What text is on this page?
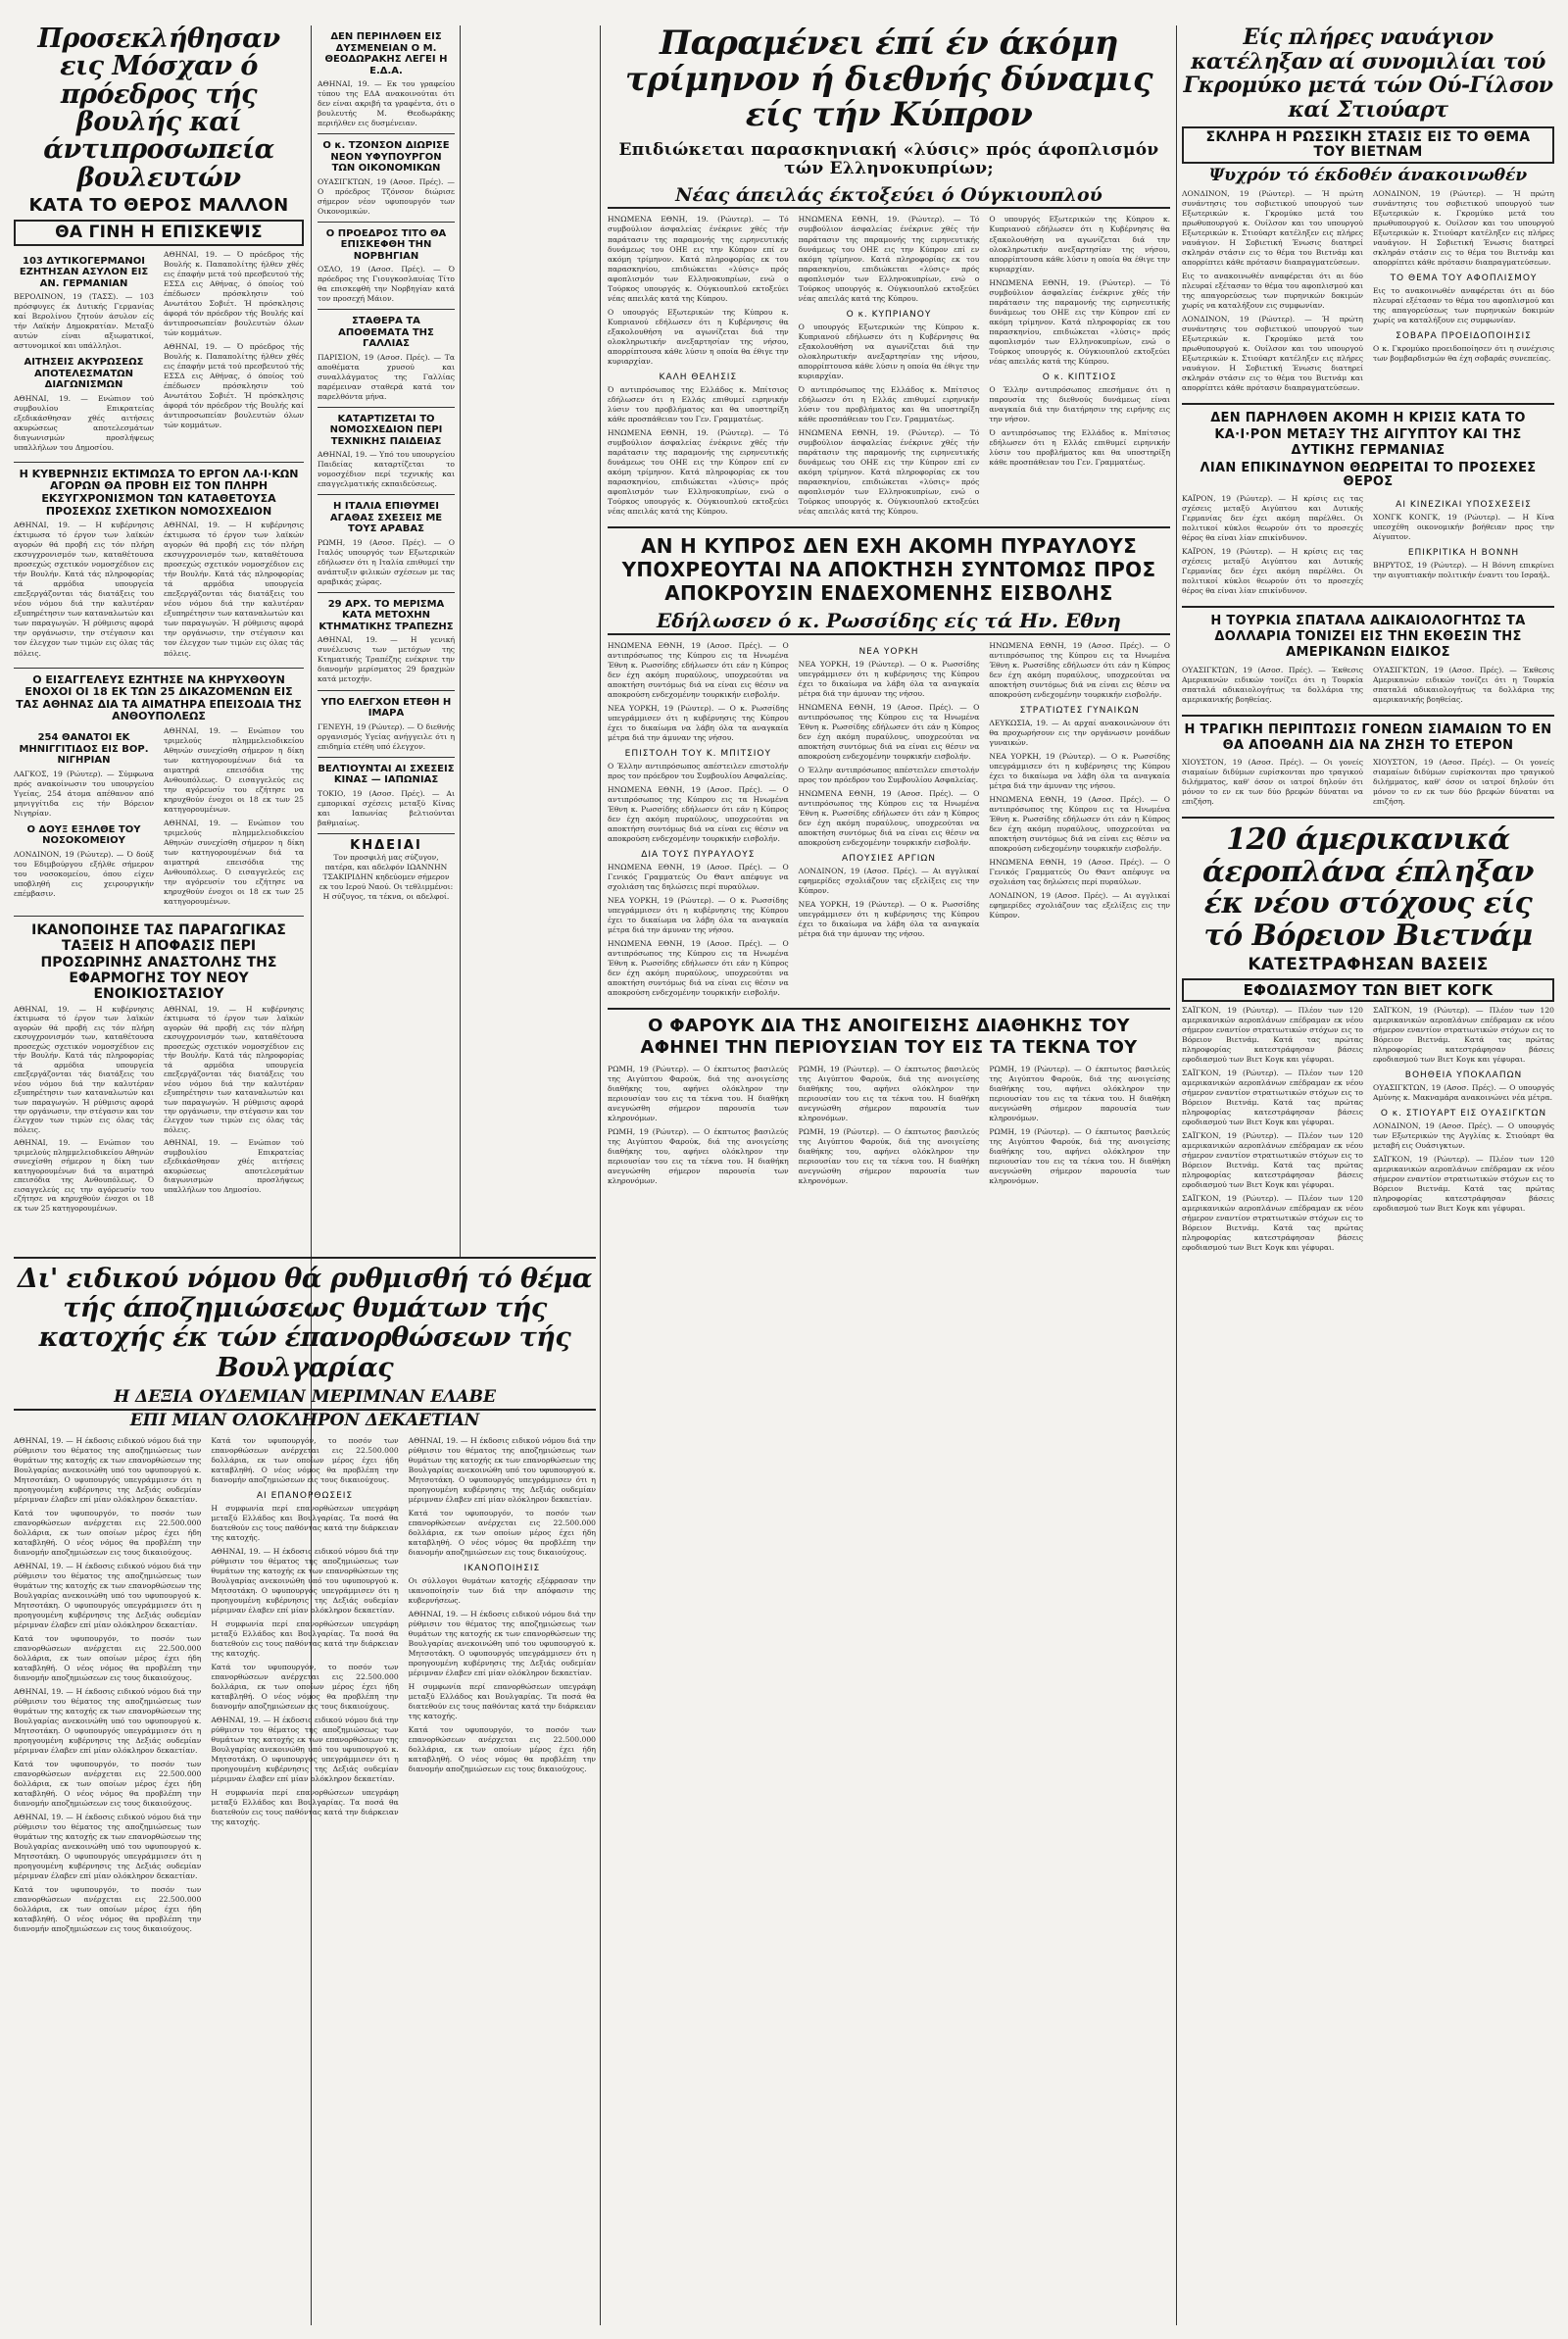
Προσεκλήθησαν εις Μόσχαν ό πρόεδρος τής βουλής καί άντιπροσωπεία βουλευτών
ΚΑΤΑ ΤΟ ΘΕΡΟΣ ΜΑΛΛΟΝ
ΘΑ ΓΙΝΗ Η ΕΠΙΣΚΕΨΙΣ
103 ΔΥΤΙΚΟΓΕΡΜΑΝΟΙ ΕΖΗΤΗΣΑΝ ΑΣΥΛΟΝ ΕΙΣ ΑΝ. ΓΕΡΜΑΝΙΑΝ

ΒΕΡΟΛΙΝΟΝ, 19 (ΤΑΣΣ). — 103 πρόσφυγες έκ Δυτικής Γερμανίας καί Βερολίνου ζητούν άσυλον είς τήν Λαϊκήν Δημοκρατίαν. Μεταξύ αυτών είναι αξιωματικοί, αστυνομικοί και υπάλληλοι.

ΑΙΤΗΣΕΙΣ ΑΚΥΡΩΣΕΩΣ ΑΠΟΤΕΛΕΣΜΑΤΩΝ ΔΙΑΓΩΝΙΣΜΩΝ

ΑΘΗΝΑΙ, 19. — Ενώπιον τού συμβουλίου Επικρατείας εξεδικάσθησαν χθές αιτήσεις ακυρώσεως αποτελεσμάτων διαγωνισμών προσλήψεως υπαλλήλων του Δημοσίου.

ΑΘΗΝΑΙ, 19. — Ό πρόεδρος τής Βουλής κ. Παπαπολίτης ήλθεν χθές εις έπαφήν μετά τού πρεσβευτού τής ΕΣΣΔ εις Αθήνας, ό όποίος τού έπέδωσεν πρόσκλησιν τού Ανωτάτου Σοβιέτ. Ή πρόσκλησις άφορά τόν πρόεδρον τής Βουλής καί άντιπροσωπείαν βουλευτών όλων τών κομμάτων.

ΑΘΗΝΑΙ, 19. — Ό πρόεδρος τής Βουλής κ. Παπαπολίτης ήλθεν χθές εις έπαφήν μετά τού πρεσβευτού τής ΕΣΣΔ εις Αθήνας, ό όποίος τού έπέδωσεν πρόσκλησιν τού Ανωτάτου Σοβιέτ. Ή πρόσκλησις άφορά τόν πρόεδρον τής Βουλής καί άντιπροσωπείαν βουλευτών όλων τών κομμάτων.

Η ΚΥΒΕΡΝΗΣΙΣ ΕΚΤΙΜΩΣΑ ΤΟ ΕΡΓΟΝ ΛΑ·Ι·ΚΩΝ ΑΓΟΡΩΝ ΘΑ ΠΡΟΒΗ ΕΙΣ ΤΟΝ ΠΛΗΡΗ ΕΚΣΥΓΧΡΟΝΙΣΜΟΝ ΤΩΝ ΚΑΤΑΘΕΤΟΥΣΑ ΠΡΟΣΕΧΩΣ ΣΧΕΤΙΚΟΝ ΝΟΜΟΣΧΕΔΙΟΝ

ΑΘΗΝΑΙ, 19. — Η κυβέρνησις έκτιμωσα τό έργον των λαϊκών αγορών θά προβή εις τόν πλήρη εκσυγχρονισμόν των, καταθέτουσα προσεχώς σχετικόν νομοσχέδιον εις τήν Βουλήν. Κατά τάς πληροφορίας τά αρμόδια υπουργεία επεξεργάζονται τάς διατάξεις του νέου νόμου διά την καλυτέραν εξυπηρέτησιν των καταναλωτών και των παραγωγών. Ή ρύθμισις αφορά την οργάνωσιν, την στέγασιν και τον έλεγχον των τιμών εις όλας τάς πόλεις.

ΑΘΗΝΑΙ, 19. — Η κυβέρνησις έκτιμωσα τό έργον των λαϊκών αγορών θά προβή εις τόν πλήρη εκσυγχρονισμόν των, καταθέτουσα προσεχώς σχετικόν νομοσχέδιον εις τήν Βουλήν. Κατά τάς πληροφορίας τά αρμόδια υπουργεία επεξεργάζονται τάς διατάξεις του νέου νόμου διά την καλυτέραν εξυπηρέτησιν των καταναλωτών και των παραγωγών. Ή ρύθμισις αφορά την οργάνωσιν, την στέγασιν και τον έλεγχον των τιμών εις όλας τάς πόλεις.

Ο ΕΙΣΑΓΓΕΛΕΥΣ ΕΖΗΤΗΣΕ ΝΑ ΚΗΡΥΧΘΟΥΝ ΕΝΟΧΟΙ ΟΙ 18 ΕΚ ΤΩΝ 25 ΔΙΚΑΖΟΜΕΝΩΝ ΕΙΣ ΤΑΣ ΑΘΗΝΑΣ ΔΙΑ ΤΑ ΑΙΜΑΤΗΡΑ ΕΠΕΙΣΟΔΙΑ ΤΗΣ ΑΝΘΟΥΠΟΛΕΩΣ
254 ΘΑΝΑΤΟΙ ΕΚ ΜΗΝΙΓΓΙΤΙΔΟΣ ΕΙΣ ΒΟΡ. ΝΙΓΗΡΙΑΝ

ΛΑΓΚΟΣ, 19 (Ρώυτερ). — Σύμφωνα πρός ανακοίνωσιν του υπουργείου Υγείας, 254 άτομα απέθανον από μηνιγγίτιδα εις τήν Βόρειον Νιγηρίαν.

Ο ΔΟΥΞ ΕΞΗΛΘΕ ΤΟΥ ΝΟΣΟΚΟΜΕΙΟΥ

ΛΟΝΔΙΝΟΝ, 19 (Ρώυτερ). — Ό δούξ του Εδιμβούργου εξήλθε σήμερον του νοσοκομείου, όπου είχεν υποβληθή εις χειρουργικήν επέμβασιν.

ΑΘΗΝΑΙ, 19. — Ενώπιον του τριμελούς πλημμελειοδικείου Αθηνών συνεχίσθη σήμερον η δίκη των κατηγορουμένων διά τα αιματηρά επεισόδια της Ανθουπόλεως. Ό εισαγγελεύς εις την αγόρευσίν του εζήτησε να κηρυχθούν ένοχοι οι 18 εκ των 25 κατηγορουμένων.

ΑΘΗΝΑΙ, 19. — Ενώπιον του τριμελούς πλημμελειοδικείου Αθηνών συνεχίσθη σήμερον η δίκη των κατηγορουμένων διά τα αιματηρά επεισόδια της Ανθουπόλεως. Ό εισαγγελεύς εις την αγόρευσίν του εζήτησε να κηρυχθούν ένοχοι οι 18 εκ των 25 κατηγορουμένων.

ΙΚΑΝΟΠΟΙΗΣΕ ΤΑΣ ΠΑΡΑΓΩΓΙΚΑΣ ΤΑΞΕΙΣ Η ΑΠΟΦΑΣΙΣ ΠΕΡΙ ΠΡΟΣΩΡΙΝΗΣ ΑΝΑΣΤΟΛΗΣ ΤΗΣ ΕΦΑΡΜΟΓΗΣ ΤΟΥ ΝΕΟΥ ΕΝΟΙΚΙΟΣΤΑΣΙΟΥ

ΑΘΗΝΑΙ, 19. — Η κυβέρνησις έκτιμωσα τό έργον των λαϊκών αγορών θά προβή εις τόν πλήρη εκσυγχρονισμόν των, καταθέτουσα προσεχώς σχετικόν νομοσχέδιον εις τήν Βουλήν. Κατά τάς πληροφορίας τά αρμόδια υπουργεία επεξεργάζονται τάς διατάξεις του νέου νόμου διά την καλυτέραν εξυπηρέτησιν των καταναλωτών και των παραγωγών. Ή ρύθμισις αφορά την οργάνωσιν, την στέγασιν και τον έλεγχον των τιμών εις όλας τάς πόλεις.

ΑΘΗΝΑΙ, 19. — Ενώπιον του τριμελούς πλημμελειοδικείου Αθηνών συνεχίσθη σήμερον η δίκη των κατηγορουμένων διά τα αιματηρά επεισόδια της Ανθουπόλεως. Ό εισαγγελεύς εις την αγόρευσίν του εζήτησε να κηρυχθούν ένοχοι οι 18 εκ των 25 κατηγορουμένων.

ΑΘΗΝΑΙ, 19. — Η κυβέρνησις έκτιμωσα τό έργον των λαϊκών αγορών θά προβή εις τόν πλήρη εκσυγχρονισμόν των, καταθέτουσα προσεχώς σχετικόν νομοσχέδιον εις τήν Βουλήν. Κατά τάς πληροφορίας τά αρμόδια υπουργεία επεξεργάζονται τάς διατάξεις του νέου νόμου διά την καλυτέραν εξυπηρέτησιν των καταναλωτών και των παραγωγών. Ή ρύθμισις αφορά την οργάνωσιν, την στέγασιν και τον έλεγχον των τιμών εις όλας τάς πόλεις.

ΑΘΗΝΑΙ, 19. — Ενώπιον τού συμβουλίου Επικρατείας εξεδικάσθησαν χθές αιτήσεις ακυρώσεως αποτελεσμάτων διαγωνισμών προσλήψεως υπαλλήλων του Δημοσίου.

ΔΕΝ ΠΕΡΙΗΛΘΕΝ ΕΙΣ ΔΥΣΜΕΝΕΙΑΝ Ο Μ. ΘΕΟΔΩΡΑΚΗΣ ΛΕΓΕΙ Η Ε.Δ.Α.

ΑΘΗΝΑΙ, 19. — Εκ του γραφείου τύπου της ΕΔΑ ανακοινούται ότι δεν είναι ακριβή τα γραφέντα, ότι ο βουλευτής Μ. Θεοδωράκης περιήλθεν εις δυσμένειαν.

Ο κ. ΤΖΟΝΣΟΝ ΔΙΩΡΙΣΕ ΝΕΟΝ ΥΦΥΠΟΥΡΓΟΝ ΤΩΝ ΟΙΚΟΝΟΜΙΚΩΝ

ΟΥΑΣΙΓΚΤΩΝ, 19 (Ασοσ. Πρές). — Ο πρόεδρος Τζόνσον διώρισε σήμερον νέον υφυπουργόν των Οικονομικών.

Ο ΠΡΟΕΔΡΟΣ ΤΙΤΟ ΘΑ ΕΠΙΣΚΕΦΘΗ ΤΗΝ ΝΟΡΒΗΓΙΑΝ

ΟΣΛΟ, 19 (Ασοσ. Πρές). — Ό πρόεδρος της Γιουγκοσλαυίας Τίτο θα επισκεφθή την Νορβηγίαν κατά τον προσεχή Μάιον.

ΣΤΑΘΕΡΑ ΤΑ ΑΠΟΘΕΜΑΤΑ ΤΗΣ ΓΑΛΛΙΑΣ

ΠΑΡΙΣΙΟΝ, 19 (Ασοσ. Πρές). — Τα αποθέματα χρυσού και συναλλάγματος της Γαλλίας παρέμειναν σταθερά κατά τον παρελθόντα μήνα.

ΚΑΤΑΡΤΙΖΕΤΑΙ ΤΟ ΝΟΜΟΣΧΕΔΙΟΝ ΠΕΡΙ ΤΕΧΝΙΚΗΣ ΠΑΙΔΕΙΑΣ

ΑΘΗΝΑΙ, 19. — Υπό του υπουργείου Παιδείας καταρτίζεται το νομοσχέδιον περί τεχνικής και επαγγελματικής εκπαιδεύσεως.

Η ΙΤΑΛΙΑ ΕΠΙΘΥΜΕΙ ΑΓΑΘΑΣ ΣΧΕΣΕΙΣ ΜΕ ΤΟΥΣ ΑΡΑΒΑΣ

ΡΩΜΗ, 19 (Ασοσ. Πρές). — Ο Ιταλός υπουργός των Εξωτερικών εδήλωσεν ότι η Ιταλία επιθυμεί την ανάπτυξιν φιλικών σχέσεων με τας αραβικάς χώρας.

29 ΑΡΧ. ΤΟ ΜΕΡΙΣΜΑ ΚΑΤΑ ΜΕΤΟΧΗΝ ΚΤΗΜΑΤΙΚΗΣ ΤΡΑΠΕΖΗΣ

ΑΘΗΝΑΙ, 19. — Η γενική συνέλευσις των μετόχων της Κτηματικής Τραπέζης ενέκρινε την διανομήν μερίσματος 29 δραχμών κατά μετοχήν.

ΥΠΟ ΕΛΕΓΧΟΝ ΕΤΕΘΗ Η ΙΜΑΡΑ

ΓΕΝΕΥΗ, 19 (Ρώυτερ). — Ό διεθνής οργανισμός Υγείας ανήγγειλε ότι η επιδημία ετέθη υπό έλεγχον.

ΒΕΛΤΙΟΥΝΤΑΙ ΑΙ ΣΧΕΣΕΙΣ ΚΙΝΑΣ — ΙΑΠΩΝΙΑΣ

ΤΟΚΙΟ, 19 (Ασοσ. Πρές). — Αι εμπορικαί σχέσεις μεταξύ Κίνας και Ιαπωνίας βελτιούνται βαθμιαίως.

ΚΗΔΕΙΑΙ

Τον προσφιλή μας σύζυγον, πατέρα, και αδελφόν ΙΩΑΝΝΗΝ ΤΣΑΚΙΡΙΔΗΝ κηδεύομεν σήμερον εκ του Ιερού Ναού. Οι τεθλιμμένοι: Η σύζυγος, τα τέκνα, οι αδελφοί.

Δι' ειδικού νόμου θά ρυθμισθή τό θέμα τής άποζημιώσεως θυμάτων τής κατοχής έκ τών έπανορθώσεων τής Βουλγαρίας
Η ΔΕΞΙΑ ΟΥΔΕΜΙΑΝ ΜΕΡΙΜΝΑΝ ΕΛΑΒΕ
ΕΠΙ ΜΙΑΝ ΟΛΟΚΛΗΡΟΝ ΔΕΚΑΕΤΙΑΝ

ΑΘΗΝΑΙ, 19. — Η έκδοσις ειδικού νόμου διά την ρύθμισιν του θέματος της αποζημιώσεως των θυμάτων της κατοχής εκ των επανορθώσεων της Βουλγαρίας ανεκοινώθη υπό του υφυπουργού κ. Μητσοτάκη. Ο υφυπουργός υπεγράμμισεν ότι η προηγουμένη κυβέρνησις της Δεξιάς ουδεμίαν μέριμναν έλαβεν επί μίαν ολόκληρον δεκαετίαν.

Κατά τον υφυπουργόν, το ποσόν των επανορθώσεων ανέρχεται εις 22.500.000 δολλάρια, εκ των οποίων μέρος έχει ήδη καταβληθή. Ο νέος νόμος θα προβλέπη την διανομήν αποζημιώσεων εις τους δικαιούχους.

ΑΘΗΝΑΙ, 19. — Η έκδοσις ειδικού νόμου διά την ρύθμισιν του θέματος της αποζημιώσεως των θυμάτων της κατοχής εκ των επανορθώσεων της Βουλγαρίας ανεκοινώθη υπό του υφυπουργού κ. Μητσοτάκη. Ο υφυπουργός υπεγράμμισεν ότι η προηγουμένη κυβέρνησις της Δεξιάς ουδεμίαν μέριμναν έλαβεν επί μίαν ολόκληρον δεκαετίαν.

Κατά τον υφυπουργόν, το ποσόν των επανορθώσεων ανέρχεται εις 22.500.000 δολλάρια, εκ των οποίων μέρος έχει ήδη καταβληθή. Ο νέος νόμος θα προβλέπη την διανομήν αποζημιώσεων εις τους δικαιούχους.

ΑΘΗΝΑΙ, 19. — Η έκδοσις ειδικού νόμου διά την ρύθμισιν του θέματος της αποζημιώσεως των θυμάτων της κατοχής εκ των επανορθώσεων της Βουλγαρίας ανεκοινώθη υπό του υφυπουργού κ. Μητσοτάκη. Ο υφυπουργός υπεγράμμισεν ότι η προηγουμένη κυβέρνησις της Δεξιάς ουδεμίαν μέριμναν έλαβεν επί μίαν ολόκληρον δεκαετίαν.

Κατά τον υφυπουργόν, το ποσόν των επανορθώσεων ανέρχεται εις 22.500.000 δολλάρια, εκ των οποίων μέρος έχει ήδη καταβληθή. Ο νέος νόμος θα προβλέπη την διανομήν αποζημιώσεων εις τους δικαιούχους.

ΑΘΗΝΑΙ, 19. — Η έκδοσις ειδικού νόμου διά την ρύθμισιν του θέματος της αποζημιώσεως των θυμάτων της κατοχής εκ των επανορθώσεων της Βουλγαρίας ανεκοινώθη υπό του υφυπουργού κ. Μητσοτάκη. Ο υφυπουργός υπεγράμμισεν ότι η προηγουμένη κυβέρνησις της Δεξιάς ουδεμίαν μέριμναν έλαβεν επί μίαν ολόκληρον δεκαετίαν.

Κατά τον υφυπουργόν, το ποσόν των επανορθώσεων ανέρχεται εις 22.500.000 δολλάρια, εκ των οποίων μέρος έχει ήδη καταβληθή. Ο νέος νόμος θα προβλέπη την διανομήν αποζημιώσεων εις τους δικαιούχους.

Κατά τον υφυπουργόν, το ποσόν των επανορθώσεων ανέρχεται εις 22.500.000 δολλάρια, εκ των οποίων μέρος έχει ήδη καταβληθή. Ο νέος νόμος θα προβλέπη την διανομήν αποζημιώσεων εις τους δικαιούχους.

ΑΙ ΕΠΑΝΟΡΘΩΣΕΙΣ

Η συμφωνία περί επανορθώσεων υπεγράφη μεταξύ Ελλάδος και Βουλγαρίας. Τα ποσά θα διατεθούν εις τους παθόντας κατά την διάρκειαν της κατοχής.

ΑΘΗΝΑΙ, 19. — Η έκδοσις ειδικού νόμου διά την ρύθμισιν του θέματος της αποζημιώσεως των θυμάτων της κατοχής εκ των επανορθώσεων της Βουλγαρίας ανεκοινώθη υπό του υφυπουργού κ. Μητσοτάκη. Ο υφυπουργός υπεγράμμισεν ότι η προηγουμένη κυβέρνησις της Δεξιάς ουδεμίαν μέριμναν έλαβεν επί μίαν ολόκληρον δεκαετίαν.

Η συμφωνία περί επανορθώσεων υπεγράφη μεταξύ Ελλάδος και Βουλγαρίας. Τα ποσά θα διατεθούν εις τους παθόντας κατά την διάρκειαν της κατοχής.

Κατά τον υφυπουργόν, το ποσόν των επανορθώσεων ανέρχεται εις 22.500.000 δολλάρια, εκ των οποίων μέρος έχει ήδη καταβληθή. Ο νέος νόμος θα προβλέπη την διανομήν αποζημιώσεων εις τους δικαιούχους.

ΑΘΗΝΑΙ, 19. — Η έκδοσις ειδικού νόμου διά την ρύθμισιν του θέματος της αποζημιώσεως των θυμάτων της κατοχής εκ των επανορθώσεων της Βουλγαρίας ανεκοινώθη υπό του υφυπουργού κ. Μητσοτάκη. Ο υφυπουργός υπεγράμμισεν ότι η προηγουμένη κυβέρνησις της Δεξιάς ουδεμίαν μέριμναν έλαβεν επί μίαν ολόκληρον δεκαετίαν.

Η συμφωνία περί επανορθώσεων υπεγράφη μεταξύ Ελλάδος και Βουλγαρίας. Τα ποσά θα διατεθούν εις τους παθόντας κατά την διάρκειαν της κατοχής.

ΑΘΗΝΑΙ, 19. — Η έκδοσις ειδικού νόμου διά την ρύθμισιν του θέματος της αποζημιώσεως των θυμάτων της κατοχής εκ των επανορθώσεων της Βουλγαρίας ανεκοινώθη υπό του υφυπουργού κ. Μητσοτάκη. Ο υφυπουργός υπεγράμμισεν ότι η προηγουμένη κυβέρνησις της Δεξιάς ουδεμίαν μέριμναν έλαβεν επί μίαν ολόκληρον δεκαετίαν.

Κατά τον υφυπουργόν, το ποσόν των επανορθώσεων ανέρχεται εις 22.500.000 δολλάρια, εκ των οποίων μέρος έχει ήδη καταβληθή. Ο νέος νόμος θα προβλέπη την διανομήν αποζημιώσεων εις τους δικαιούχους.

ΙΚΑΝΟΠΟΙΗΣΙΣ

Οι σύλλογοι θυμάτων κατοχής εξέφρασαν την ικανοποίησίν των διά την απόφασιν της κυβερνήσεως.

ΑΘΗΝΑΙ, 19. — Η έκδοσις ειδικού νόμου διά την ρύθμισιν του θέματος της αποζημιώσεως των θυμάτων της κατοχής εκ των επανορθώσεων της Βουλγαρίας ανεκοινώθη υπό του υφυπουργού κ. Μητσοτάκη. Ο υφυπουργός υπεγράμμισεν ότι η προηγουμένη κυβέρνησις της Δεξιάς ουδεμίαν μέριμναν έλαβεν επί μίαν ολόκληρον δεκαετίαν.

Η συμφωνία περί επανορθώσεων υπεγράφη μεταξύ Ελλάδος και Βουλγαρίας. Τα ποσά θα διατεθούν εις τους παθόντας κατά την διάρκειαν της κατοχής.

Κατά τον υφυπουργόν, το ποσόν των επανορθώσεων ανέρχεται εις 22.500.000 δολλάρια, εκ των οποίων μέρος έχει ήδη καταβληθή. Ο νέος νόμος θα προβλέπη την διανομήν αποζημιώσεων εις τους δικαιούχους.

Παραμένει έπί έν άκόμη τρίμηνον ή διεθνής δύναμις είς τήν Κύπρον
Επιδιώκεται παρασκηνιακή «λύσις» πρός άφοπλισμόν τών Ελληνοκυπρίων;
Νέας άπειλάς έκτοξεύει ό Ούγκιουπλού

ΗΝΩΜΕΝΑ ΕΘΝΗ, 19. (Ρώυτερ). — Τό συμβούλιον άσφαλείας ένέκρινε χθές τήν παράτασιν της παραμονής της ειρηνευτικής δυνάμεως του ΟΗΕ εις την Κύπρον επί εν ακόμη τρίμηνον. Κατά πληροφορίας εκ του παρασκηνίου, επιδιώκεται «λύσις» πρός αφοπλισμόν των Ελληνοκυπρίων, ενώ ο Τούρκος υπουργός κ. Ούγκιουπλού εκτοξεύει νέας απειλάς κατά της Κύπρου.

Ο υπουργός Εξωτερικών της Κύπρου κ. Κυπριανού εδήλωσεν ότι η Κυβέρνησις θα εξακολουθήση να αγωνίζεται διά την ολοκληρωτικήν ανεξαρτησίαν της νήσου, απορρίπτουσα κάθε λύσιν η οποία θα έθιγε την κυριαρχίαν.

ΚΑΛΗ ΘΕΛΗΣΙΣ

Ό αντιπρόσωπος της Ελλάδος κ. Μπίτσιος εδήλωσεν ότι η Ελλάς επιθυμεί ειρηνικήν λύσιν του προβλήματος και θα υποστηρίξη κάθε προσπάθειαν του Γεν. Γραμματέως.

ΗΝΩΜΕΝΑ ΕΘΝΗ, 19. (Ρώυτερ). — Τό συμβούλιον άσφαλείας ένέκρινε χθές τήν παράτασιν της παραμονής της ειρηνευτικής δυνάμεως του ΟΗΕ εις την Κύπρον επί εν ακόμη τρίμηνον. Κατά πληροφορίας εκ του παρασκηνίου, επιδιώκεται «λύσις» πρός αφοπλισμόν των Ελληνοκυπρίων, ενώ ο Τούρκος υπουργός κ. Ούγκιουπλού εκτοξεύει νέας απειλάς κατά της Κύπρου.

ΗΝΩΜΕΝΑ ΕΘΝΗ, 19. (Ρώυτερ). — Τό συμβούλιον άσφαλείας ένέκρινε χθές τήν παράτασιν της παραμονής της ειρηνευτικής δυνάμεως του ΟΗΕ εις την Κύπρον επί εν ακόμη τρίμηνον. Κατά πληροφορίας εκ του παρασκηνίου, επιδιώκεται «λύσις» πρός αφοπλισμόν των Ελληνοκυπρίων, ενώ ο Τούρκος υπουργός κ. Ούγκιουπλού εκτοξεύει νέας απειλάς κατά της Κύπρου.

Ο κ. ΚΥΠΡΙΑΝΟΥ

Ο υπουργός Εξωτερικών της Κύπρου κ. Κυπριανού εδήλωσεν ότι η Κυβέρνησις θα εξακολουθήση να αγωνίζεται διά την ολοκληρωτικήν ανεξαρτησίαν της νήσου, απορρίπτουσα κάθε λύσιν η οποία θα έθιγε την κυριαρχίαν.

Ό αντιπρόσωπος της Ελλάδος κ. Μπίτσιος εδήλωσεν ότι η Ελλάς επιθυμεί ειρηνικήν λύσιν του προβλήματος και θα υποστηρίξη κάθε προσπάθειαν του Γεν. Γραμματέως.

ΗΝΩΜΕΝΑ ΕΘΝΗ, 19. (Ρώυτερ). — Τό συμβούλιον άσφαλείας ένέκρινε χθές τήν παράτασιν της παραμονής της ειρηνευτικής δυνάμεως του ΟΗΕ εις την Κύπρον επί εν ακόμη τρίμηνον. Κατά πληροφορίας εκ του παρασκηνίου, επιδιώκεται «λύσις» πρός αφοπλισμόν των Ελληνοκυπρίων, ενώ ο Τούρκος υπουργός κ. Ούγκιουπλού εκτοξεύει νέας απειλάς κατά της Κύπρου.

Ο υπουργός Εξωτερικών της Κύπρου κ. Κυπριανού εδήλωσεν ότι η Κυβέρνησις θα εξακολουθήση να αγωνίζεται διά την ολοκληρωτικήν ανεξαρτησίαν της νήσου, απορρίπτουσα κάθε λύσιν η οποία θα έθιγε την κυριαρχίαν.

ΗΝΩΜΕΝΑ ΕΘΝΗ, 19. (Ρώυτερ). — Τό συμβούλιον άσφαλείας ένέκρινε χθές τήν παράτασιν της παραμονής της ειρηνευτικής δυνάμεως του ΟΗΕ εις την Κύπρον επί εν ακόμη τρίμηνον. Κατά πληροφορίας εκ του παρασκηνίου, επιδιώκεται «λύσις» πρός αφοπλισμόν των Ελληνοκυπρίων, ενώ ο Τούρκος υπουργός κ. Ούγκιουπλού εκτοξεύει νέας απειλάς κατά της Κύπρου.

Ο κ. ΚΙΠΤΣΙΟΣ

Ο Έλλην αντιπρόσωπος επεσήμανε ότι η παρουσία της διεθνούς δυνάμεως είναι αναγκαία διά την διατήρησιν της ειρήνης εις την νήσον.

Ό αντιπρόσωπος της Ελλάδος κ. Μπίτσιος εδήλωσεν ότι η Ελλάς επιθυμεί ειρηνικήν λύσιν του προβλήματος και θα υποστηρίξη κάθε προσπάθειαν του Γεν. Γραμματέως.

ΑΝ Η ΚΥΠΡΟΣ ΔΕΝ ΕΧΗ ΑΚΟΜΗ ΠΥΡΑΥΛΟΥΣ ΥΠΟΧΡΕΟΥΤΑΙ ΝΑ ΑΠΟΚΤΗΣΗ ΣΥΝΤΟΜΩΣ ΠΡΟΣ ΑΠΟΚΡΟΥΣΙΝ ΕΝΔΕΧΟΜΕΝΗΣ ΕΙΣΒΟΛΗΣ
Εδήλωσεν ό κ. Ρωσσίδης είς τά Ην. Εθνη

ΗΝΩΜΕΝΑ ΕΘΝΗ, 19 (Ασοσ. Πρές). — Ο αντιπρόσωπος της Κύπρου εις τα Ηνωμένα Έθνη κ. Ρωσσίδης εδήλωσεν ότι εάν η Κύπρος δεν έχη ακόμη πυραύλους, υποχρεούται να αποκτήση συντόμως διά να είναι εις θέσιν να αποκρούση ενδεχομένην τουρκικήν εισβολήν.

ΝΕΑ ΥΟΡΚΗ, 19 (Ρώυτερ). — Ο κ. Ρωσσίδης υπεγράμμισεν ότι η κυβέρνησις της Κύπρου έχει το δικαίωμα να λάβη όλα τα αναγκαία μέτρα διά την άμυναν της νήσου.

ΕΠΙΣΤΟΛΗ ΤΟΥ Κ. ΜΠΙΤΣΙΟΥ

Ο Έλλην αντιπρόσωπος απέστειλεν επιστολήν προς τον πρόεδρον του Συμβουλίου Ασφαλείας.

ΗΝΩΜΕΝΑ ΕΘΝΗ, 19 (Ασοσ. Πρές). — Ο αντιπρόσωπος της Κύπρου εις τα Ηνωμένα Έθνη κ. Ρωσσίδης εδήλωσεν ότι εάν η Κύπρος δεν έχη ακόμη πυραύλους, υποχρεούται να αποκτήση συντόμως διά να είναι εις θέσιν να αποκρούση ενδεχομένην τουρκικήν εισβολήν.

ΔΙΑ ΤΟΥΣ ΠΥΡΑΥΛΟΥΣ

ΗΝΩΜΕΝΑ ΕΘΝΗ, 19 (Ασοσ. Πρές). — Ο Γενικός Γραμματεύς Ου Θαντ απέφυγε να σχολιάση τας δηλώσεις περί πυραύλων.

ΝΕΑ ΥΟΡΚΗ, 19 (Ρώυτερ). — Ο κ. Ρωσσίδης υπεγράμμισεν ότι η κυβέρνησις της Κύπρου έχει το δικαίωμα να λάβη όλα τα αναγκαία μέτρα διά την άμυναν της νήσου.

ΗΝΩΜΕΝΑ ΕΘΝΗ, 19 (Ασοσ. Πρές). — Ο αντιπρόσωπος της Κύπρου εις τα Ηνωμένα Έθνη κ. Ρωσσίδης εδήλωσεν ότι εάν η Κύπρος δεν έχη ακόμη πυραύλους, υποχρεούται να αποκτήση συντόμως διά να είναι εις θέσιν να αποκρούση ενδεχομένην τουρκικήν εισβολήν.

ΝΕΑ ΥΟΡΚΗ

ΝΕΑ ΥΟΡΚΗ, 19 (Ρώυτερ). — Ο κ. Ρωσσίδης υπεγράμμισεν ότι η κυβέρνησις της Κύπρου έχει το δικαίωμα να λάβη όλα τα αναγκαία μέτρα διά την άμυναν της νήσου.

ΗΝΩΜΕΝΑ ΕΘΝΗ, 19 (Ασοσ. Πρές). — Ο αντιπρόσωπος της Κύπρου εις τα Ηνωμένα Έθνη κ. Ρωσσίδης εδήλωσεν ότι εάν η Κύπρος δεν έχη ακόμη πυραύλους, υποχρεούται να αποκτήση συντόμως διά να είναι εις θέσιν να αποκρούση ενδεχομένην τουρκικήν εισβολήν.

Ο Έλλην αντιπρόσωπος απέστειλεν επιστολήν προς τον πρόεδρον του Συμβουλίου Ασφαλείας.

ΗΝΩΜΕΝΑ ΕΘΝΗ, 19 (Ασοσ. Πρές). — Ο αντιπρόσωπος της Κύπρου εις τα Ηνωμένα Έθνη κ. Ρωσσίδης εδήλωσεν ότι εάν η Κύπρος δεν έχη ακόμη πυραύλους, υποχρεούται να αποκτήση συντόμως διά να είναι εις θέσιν να αποκρούση ενδεχομένην τουρκικήν εισβολήν.

ΑΠΟΥΣΙΕΣ ΑΡΓΙΩΝ

ΛΟΝΔΙΝΟΝ, 19 (Ασοσ. Πρές). — Αι αγγλικαί εφημερίδες σχολιάζουν τας εξελίξεις εις την Κύπρον.

ΝΕΑ ΥΟΡΚΗ, 19 (Ρώυτερ). — Ο κ. Ρωσσίδης υπεγράμμισεν ότι η κυβέρνησις της Κύπρου έχει το δικαίωμα να λάβη όλα τα αναγκαία μέτρα διά την άμυναν της νήσου.

ΗΝΩΜΕΝΑ ΕΘΝΗ, 19 (Ασοσ. Πρές). — Ο αντιπρόσωπος της Κύπρου εις τα Ηνωμένα Έθνη κ. Ρωσσίδης εδήλωσεν ότι εάν η Κύπρος δεν έχη ακόμη πυραύλους, υποχρεούται να αποκτήση συντόμως διά να είναι εις θέσιν να αποκρούση ενδεχομένην τουρκικήν εισβολήν.

ΣΤΡΑΤΙΩΤΕΣ ΓΥΝΑΙΚΩΝ

ΛΕΥΚΩΣΙΑ, 19. — Αι αρχαί ανακοινώνουν ότι θα προχωρήσουν εις την οργάνωσιν μονάδων γυναικών.

ΝΕΑ ΥΟΡΚΗ, 19 (Ρώυτερ). — Ο κ. Ρωσσίδης υπεγράμμισεν ότι η κυβέρνησις της Κύπρου έχει το δικαίωμα να λάβη όλα τα αναγκαία μέτρα διά την άμυναν της νήσου.

ΗΝΩΜΕΝΑ ΕΘΝΗ, 19 (Ασοσ. Πρές). — Ο αντιπρόσωπος της Κύπρου εις τα Ηνωμένα Έθνη κ. Ρωσσίδης εδήλωσεν ότι εάν η Κύπρος δεν έχη ακόμη πυραύλους, υποχρεούται να αποκτήση συντόμως διά να είναι εις θέσιν να αποκρούση ενδεχομένην τουρκικήν εισβολήν.

ΗΝΩΜΕΝΑ ΕΘΝΗ, 19 (Ασοσ. Πρές). — Ο Γενικός Γραμματεύς Ου Θαντ απέφυγε να σχολιάση τας δηλώσεις περί πυραύλων.

ΛΟΝΔΙΝΟΝ, 19 (Ασοσ. Πρές). — Αι αγγλικαί εφημερίδες σχολιάζουν τας εξελίξεις εις την Κύπρον.

Ο ΦΑΡΟΥΚ ΔΙΑ ΤΗΣ ΑΝΟΙΓΕΙΣΗΣ ΔΙΑΘΗΚΗΣ ΤΟΥ ΑΦΗΝΕΙ ΤΗΝ ΠΕΡΙΟΥΣΙΑΝ ΤΟΥ ΕΙΣ ΤΑ ΤΕΚΝΑ ΤΟΥ

ΡΩΜΗ, 19 (Ρώυτερ). — Ο έκπτωτος βασιλεύς της Αιγύπτου Φαρούκ, διά της ανοιγείσης διαθήκης του, αφήνει ολόκληρον την περιουσίαν του εις τα τέκνα του. Η διαθήκη ανεγνώσθη σήμερον παρουσία των κληρονόμων.

ΡΩΜΗ, 19 (Ρώυτερ). — Ο έκπτωτος βασιλεύς της Αιγύπτου Φαρούκ, διά της ανοιγείσης διαθήκης του, αφήνει ολόκληρον την περιουσίαν του εις τα τέκνα του. Η διαθήκη ανεγνώσθη σήμερον παρουσία των κληρονόμων.

ΡΩΜΗ, 19 (Ρώυτερ). — Ο έκπτωτος βασιλεύς της Αιγύπτου Φαρούκ, διά της ανοιγείσης διαθήκης του, αφήνει ολόκληρον την περιουσίαν του εις τα τέκνα του. Η διαθήκη ανεγνώσθη σήμερον παρουσία των κληρονόμων.

ΡΩΜΗ, 19 (Ρώυτερ). — Ο έκπτωτος βασιλεύς της Αιγύπτου Φαρούκ, διά της ανοιγείσης διαθήκης του, αφήνει ολόκληρον την περιουσίαν του εις τα τέκνα του. Η διαθήκη ανεγνώσθη σήμερον παρουσία των κληρονόμων.

ΡΩΜΗ, 19 (Ρώυτερ). — Ο έκπτωτος βασιλεύς της Αιγύπτου Φαρούκ, διά της ανοιγείσης διαθήκης του, αφήνει ολόκληρον την περιουσίαν του εις τα τέκνα του. Η διαθήκη ανεγνώσθη σήμερον παρουσία των κληρονόμων.

ΡΩΜΗ, 19 (Ρώυτερ). — Ο έκπτωτος βασιλεύς της Αιγύπτου Φαρούκ, διά της ανοιγείσης διαθήκης του, αφήνει ολόκληρον την περιουσίαν του εις τα τέκνα του. Η διαθήκη ανεγνώσθη σήμερον παρουσία των κληρονόμων.

Είς πλήρες ναυάγιον κατέληξαν αί συνομιλίαι τού Γκρομύκο μετά τών Ού-Γίλσον καί Στιούαρτ
ΣΚΛΗΡΑ Η ΡΩΣΣΙΚΗ ΣΤΑΣΙΣ ΕΙΣ ΤΟ ΘΕΜΑ ΤΟΥ ΒΙΕΤΝΑΜ
Ψυχρόν τό έκδοθέν άνακοινωθέν

ΛΟΝΔΙΝΟΝ, 19 (Ρώυτερ). — Ή πρώτη συνάντησις του σοβιετικού υπουργού των Εξωτερικών κ. Γκρομύκο μετά του πρωθυπουργού κ. Ουίλσον και του υπουργού Εξωτερικών κ. Στιούαρτ κατέληξεν εις πλήρες ναυάγιον. Η Σοβιετική Ένωσις διατηρεί σκληράν στάσιν εις το θέμα του Βιετνάμ και απορρίπτει κάθε πρότασιν διαπραγματεύσεων.

Εις το ανακοινωθέν αναφέρεται ότι αι δύο πλευραί εξέτασαν το θέμα του αφοπλισμού και της απαγορεύσεως των πυρηνικών δοκιμών χωρίς να καταλήξουν εις συμφωνίαν.

ΛΟΝΔΙΝΟΝ, 19 (Ρώυτερ). — Ή πρώτη συνάντησις του σοβιετικού υπουργού των Εξωτερικών κ. Γκρομύκο μετά του πρωθυπουργού κ. Ουίλσον και του υπουργού Εξωτερικών κ. Στιούαρτ κατέληξεν εις πλήρες ναυάγιον. Η Σοβιετική Ένωσις διατηρεί σκληράν στάσιν εις το θέμα του Βιετνάμ και απορρίπτει κάθε πρότασιν διαπραγματεύσεων.

ΛΟΝΔΙΝΟΝ, 19 (Ρώυτερ). — Ή πρώτη συνάντησις του σοβιετικού υπουργού των Εξωτερικών κ. Γκρομύκο μετά του πρωθυπουργού κ. Ουίλσον και του υπουργού Εξωτερικών κ. Στιούαρτ κατέληξεν εις πλήρες ναυάγιον. Η Σοβιετική Ένωσις διατηρεί σκληράν στάσιν εις το θέμα του Βιετνάμ και απορρίπτει κάθε πρότασιν διαπραγματεύσεων.

ΤΟ ΘΕΜΑ ΤΟΥ ΑΦΟΠΛΙΣΜΟΥ

Εις το ανακοινωθέν αναφέρεται ότι αι δύο πλευραί εξέτασαν το θέμα του αφοπλισμού και της απαγορεύσεως των πυρηνικών δοκιμών χωρίς να καταλήξουν εις συμφωνίαν.

ΣΟΒΑΡΑ ΠΡΟΕΙΔΟΠΟΙΗΣΙΣ

Ο κ. Γκρομύκο προειδοποίησεν ότι η συνέχισις των βομβαρδισμών θα έχη σοβαράς συνεπείας.

ΔΕΝ ΠΑΡΗΛΘΕΝ ΑΚΟΜΗ Η ΚΡΙΣΙΣ ΚΑΤΑ ΤΟ ΚΑ·Ι·ΡΟΝ ΜΕΤΑΞΥ ΤΗΣ ΑΙΓΥΠΤΟΥ ΚΑΙ ΤΗΣ ΔΥΤΙΚΗΣ ΓΕΡΜΑΝΙΑΣ
ΛΙΑΝ ΕΠΙΚΙΝΔΥΝΟΝ ΘΕΩΡΕΙΤΑΙ ΤΟ ΠΡΟΣΕΧΕΣ ΘΕΡΟΣ

ΚΑΪΡΟΝ, 19 (Ρώυτερ). — Η κρίσις εις τας σχέσεις μεταξύ Αιγύπτου και Δυτικής Γερμανίας δεν έχει ακόμη παρέλθει. Οι πολιτικοί κύκλοι θεωρούν ότι το προσεχές θέρος θα είναι λίαν επικίνδυνον.

ΚΑΪΡΟΝ, 19 (Ρώυτερ). — Η κρίσις εις τας σχέσεις μεταξύ Αιγύπτου και Δυτικής Γερμανίας δεν έχει ακόμη παρέλθει. Οι πολιτικοί κύκλοι θεωρούν ότι το προσεχές θέρος θα είναι λίαν επικίνδυνον.

ΑΙ ΚΙΝΕΖΙΚΑΙ ΥΠΟΣΧΕΣΕΙΣ

ΧΟΝΓΚ ΚΟΝΓΚ, 19 (Ρώυτερ). — Η Κίνα υπεσχέθη οικονομικήν βοήθειαν προς την Αίγυπτον.

ΕΠΙΚΡΙΤΙΚΑ Η ΒΟΝΝΗ

ΒΗΡΥΤΟΣ, 19 (Ρώυτερ). — Η Βόννη επικρίνει την αιγυπτιακήν πολιτικήν έναντι του Ισραήλ.

Η ΤΟΥΡΚΙΑ ΣΠΑΤΑΛΑ ΑΔΙΚΑΙΟΛΟΓΗΤΩΣ ΤΑ ΔΟΛΛΑΡΙΑ ΤΟΝΙΖΕΙ ΕΙΣ ΤΗΝ ΕΚΘΕΣΙΝ ΤΗΣ ΑΜΕΡΙΚΑΝΩΝ ΕΙΔΙΚΟΣ

ΟΥΑΣΙΓΚΤΩΝ, 19 (Ασοσ. Πρές). — Έκθεσις Αμερικανών ειδικών τονίζει ότι η Τουρκία σπαταλά αδικαιολογήτως τα δολλάρια της αμερικανικής βοηθείας.

ΟΥΑΣΙΓΚΤΩΝ, 19 (Ασοσ. Πρές). — Έκθεσις Αμερικανών ειδικών τονίζει ότι η Τουρκία σπαταλά αδικαιολογήτως τα δολλάρια της αμερικανικής βοηθείας.

Η ΤΡΑΓΙΚΗ ΠΕΡΙΠΤΩΣΙΣ ΓΟΝΕΩΝ ΣΙΑΜΑΙΩΝ ΤΟ ΕΝ ΘΑ ΑΠΟΘΑΝΗ ΔΙΑ ΝΑ ΖΗΣΗ ΤΟ ΕΤΕΡΟΝ

ΧΙΟΥΣΤΟΝ, 19 (Ασοσ. Πρές). — Οι γονείς σιαμαίων διδύμων ευρίσκονται προ τραγικού διλήμματος, καθ' όσον οι ιατροί δηλούν ότι μόνον το εν εκ των δύο βρεφών δύναται να επιζήση.

ΧΙΟΥΣΤΟΝ, 19 (Ασοσ. Πρές). — Οι γονείς σιαμαίων διδύμων ευρίσκονται προ τραγικού διλήμματος, καθ' όσον οι ιατροί δηλούν ότι μόνον το εν εκ των δύο βρεφών δύναται να επιζήση.

120 άμερικανικά άεροπλάνα έπληξαν έκ νέου στόχους είς τό Βόρειον Βιετνάμ
ΚΑΤΕΣΤΡΑΦΗΣΑΝ ΒΑΣΕΙΣ
ΕΦΟΔΙΑΣΜΟΥ ΤΩΝ ΒΙΕΤ ΚΟΓΚ

ΣΑΪΓΚΟΝ, 19 (Ρώυτερ). — Πλέον των 120 αμερικανικών αεροπλάνων επέδραμαν εκ νέου σήμερον εναντίον στρατιωτικών στόχων εις το Βόρειον Βιετνάμ. Κατά τας πρώτας πληροφορίας κατεστράφησαν βάσεις εφοδιασμού των Βιετ Κογκ και γέφυραι.

ΣΑΪΓΚΟΝ, 19 (Ρώυτερ). — Πλέον των 120 αμερικανικών αεροπλάνων επέδραμαν εκ νέου σήμερον εναντίον στρατιωτικών στόχων εις το Βόρειον Βιετνάμ. Κατά τας πρώτας πληροφορίας κατεστράφησαν βάσεις εφοδιασμού των Βιετ Κογκ και γέφυραι.

ΣΑΪΓΚΟΝ, 19 (Ρώυτερ). — Πλέον των 120 αμερικανικών αεροπλάνων επέδραμαν εκ νέου σήμερον εναντίον στρατιωτικών στόχων εις το Βόρειον Βιετνάμ. Κατά τας πρώτας πληροφορίας κατεστράφησαν βάσεις εφοδιασμού των Βιετ Κογκ και γέφυραι.

ΣΑΪΓΚΟΝ, 19 (Ρώυτερ). — Πλέον των 120 αμερικανικών αεροπλάνων επέδραμαν εκ νέου σήμερον εναντίον στρατιωτικών στόχων εις το Βόρειον Βιετνάμ. Κατά τας πρώτας πληροφορίας κατεστράφησαν βάσεις εφοδιασμού των Βιετ Κογκ και γέφυραι.

ΣΑΪΓΚΟΝ, 19 (Ρώυτερ). — Πλέον των 120 αμερικανικών αεροπλάνων επέδραμαν εκ νέου σήμερον εναντίον στρατιωτικών στόχων εις το Βόρειον Βιετνάμ. Κατά τας πρώτας πληροφορίας κατεστράφησαν βάσεις εφοδιασμού των Βιετ Κογκ και γέφυραι.

ΒΟΗΘΕΙΑ ΥΠΟΚΛΑΠΩΝ

ΟΥΑΣΙΓΚΤΩΝ, 19 (Ασοσ. Πρές). — Ο υπουργός Αμύνης κ. Μακναμάρα ανακοινώνει νέα μέτρα.

Ο κ. ΣΤΙΟΥΑΡΤ ΕΙΣ ΟΥΑΣΙΓΚΤΩΝ

ΛΟΝΔΙΝΟΝ, 19 (Ασοσ. Πρές). — Ο υπουργός των Εξωτερικών της Αγγλίας κ. Στιούαρτ θα μεταβή εις Ουάσιγκτων.

ΣΑΪΓΚΟΝ, 19 (Ρώυτερ). — Πλέον των 120 αμερικανικών αεροπλάνων επέδραμαν εκ νέου σήμερον εναντίον στρατιωτικών στόχων εις το Βόρειον Βιετνάμ. Κατά τας πρώτας πληροφορίας κατεστράφησαν βάσεις εφοδιασμού των Βιετ Κογκ και γέφυραι.
